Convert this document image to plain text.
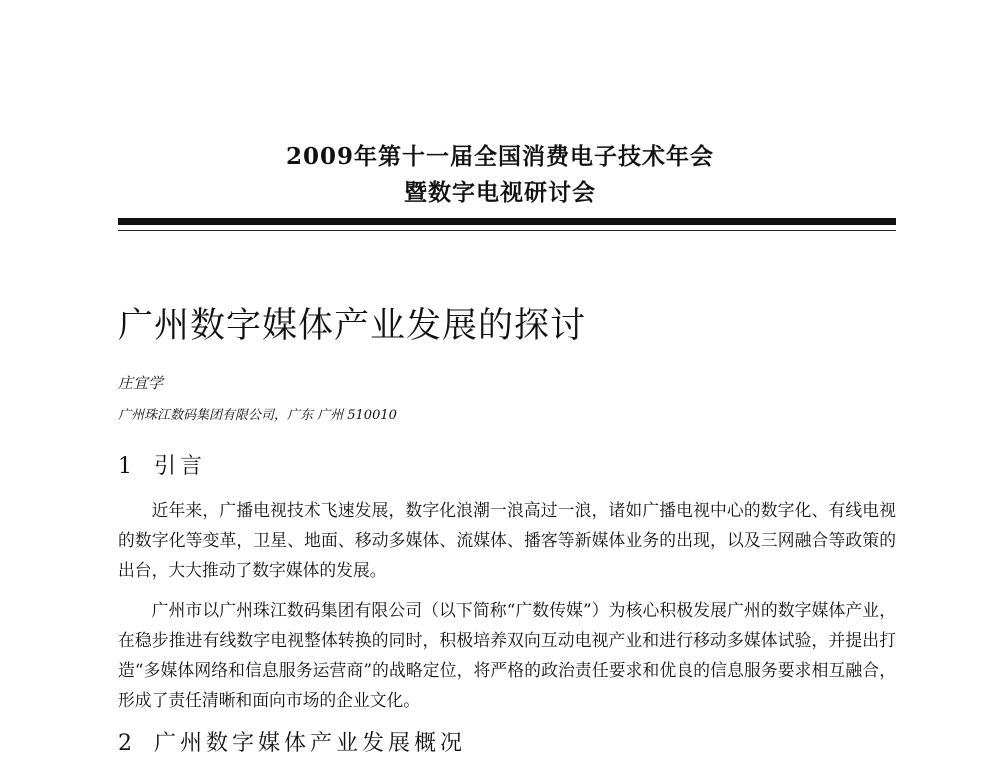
2009年第十一届全国消费电子技术年会
暨数字电视研讨会
广州数字媒体产业发展的探讨
庄宜学
广州珠江数码集团有限公司，广东 广州 510010
1 引言

近年来，广播电视技术飞速发展，数字化浪潮一浪高过一浪，诸如广播电视中心的数字化、有线电视的数字化等变革，卫星、地面、移动多媒体、流媒体、播客等新媒体业务的出现，以及三网融合等政策的出台，大大推动了数字媒体的发展。

广州市以广州珠江数码集团有限公司（以下简称“广数传媒”）为核心积极发展广州的数字媒体产业，在稳步推进有线数字电视整体转换的同时，积极培养双向互动电视产业和进行移动多媒体试验，并提出打造“多媒体网络和信息服务运营商”的战略定位，将严格的政治责任要求和优良的信息服务要求相互融合，形成了责任清晰和面向市场的企业文化。

2 广州数字媒体产业发展概况
